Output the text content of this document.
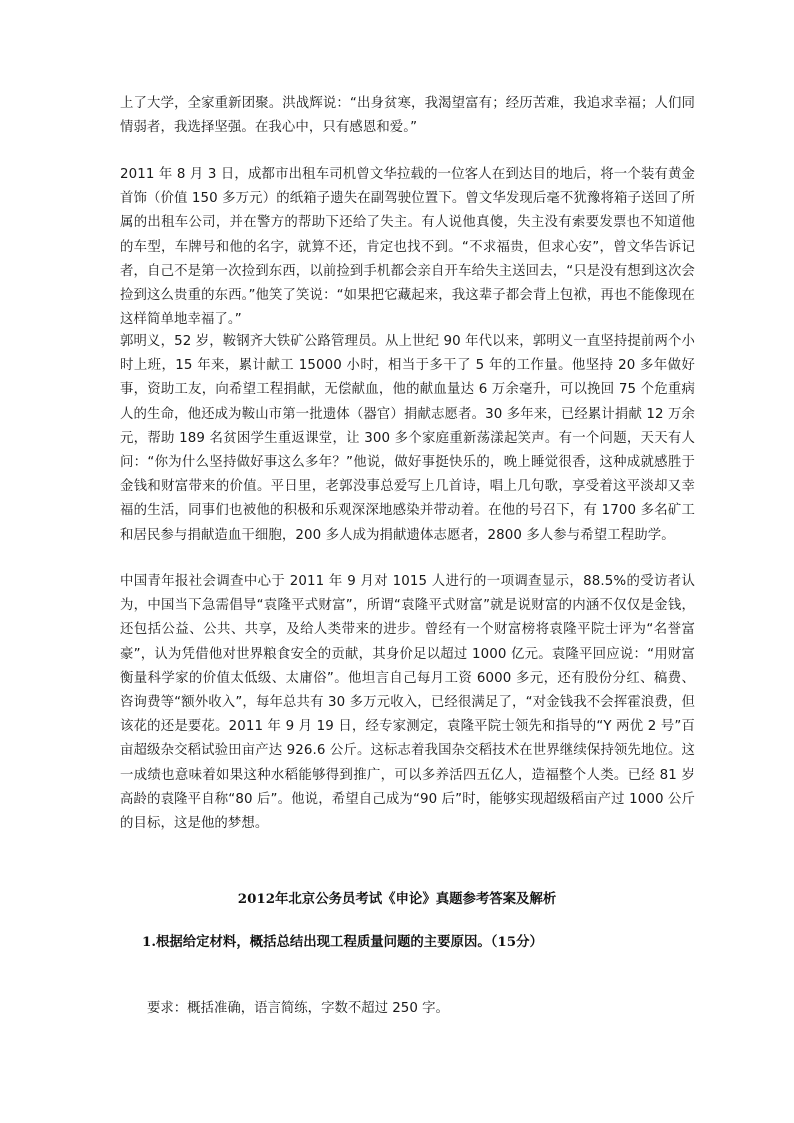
上了大学，全家重新团聚。洪战辉说：“出身贫寒，我渴望富有；经历苦难，我追求幸福；人们同情弱者，我选择坚强。在我心中，只有感恩和爱。”

2011 年 8 月 3 日，成都市出租车司机曾文华拉载的一位客人在到达目的地后，将一个装有黄金首饰（价值 150 多万元）的纸箱子遗失在副驾驶位置下。曾文华发现后毫不犹豫将箱子送回了所属的出租车公司，并在警方的帮助下还给了失主。有人说他真傻，失主没有索要发票也不知道他的车型，车牌号和他的名字，就算不还，肯定也找不到。“不求福贵，但求心安”，曾文华告诉记者，自己不是第一次捡到东西，以前捡到手机都会亲自开车给失主送回去，“只是没有想到这次会捡到这么贵重的东西。”他笑了笑说：“如果把它藏起来，我这辈子都会背上包袱，再也不能像现在这样简单地幸福了。”

郭明义，52 岁，鞍钢齐大铁矿公路管理员。从上世纪 90 年代以来，郭明义一直坚持提前两个小时上班，15 年来，累计献工 15000 小时，相当于多干了 5 年的工作量。他坚持 20 多年做好事，资助工友，向希望工程捐献，无偿献血，他的献血量达 6 万余毫升，可以挽回 75 个危重病人的生命，他还成为鞍山市第一批遗体（器官）捐献志愿者。30 多年来，已经累计捐献 12 万余元，帮助 189 名贫困学生重返课堂，让 300 多个家庭重新荡漾起笑声。有一个问题，天天有人问：“你为什么坚持做好事这么多年？”他说，做好事挺快乐的，晚上睡觉很香，这种成就感胜于金钱和财富带来的价值。平日里，老郭没事总爱写上几首诗，唱上几句歌，享受着这平淡却又幸福的生活，同事们也被他的积极和乐观深深地感染并带动着。在他的号召下，有 1700 多名矿工和居民参与捐献造血干细胞，200 多人成为捐献遗体志愿者，2800 多人参与希望工程助学。

中国青年报社会调查中心于 2011 年 9 月对 1015 人进行的一项调查显示，88.5%的受访者认为，中国当下急需倡导“袁隆平式财富”，所谓“袁隆平式财富”就是说财富的内涵不仅仅是金钱，还包括公益、公共、共享，及给人类带来的进步。曾经有一个财富榜将袁隆平院士评为“名誉富豪”，认为凭借他对世界粮食安全的贡献，其身价足以超过 1000 亿元。袁隆平回应说：“用财富衡量科学家的价值太低级、太庸俗”。他坦言自己每月工资 6000 多元，还有股份分红、稿费、咨询费等“额外收入”，每年总共有 30 多万元收入，已经很满足了，“对金钱我不会挥霍浪费，但该花的还是要花。2011 年 9 月 19 日，经专家测定，袁隆平院士领先和指导的“Y 两优 2 号”百亩超级杂交稻试验田亩产达 926.6 公斤。这标志着我国杂交稻技术在世界继续保持领先地位。这一成绩也意味着如果这种水稻能够得到推广，可以多养活四五亿人，造福整个人类。已经 81 岁高龄的袁隆平自称“80 后”。他说，希望自己成为“90 后”时，能够实现超级稻亩产过 1000 公斤的目标，这是他的梦想。

2012年北京公务员考试《申论》真题参考答案及解析

1.根据给定材料，概括总结出现工程质量问题的主要原因。（15分）

要求：概括准确，语言简练，字数不超过 250 字。
